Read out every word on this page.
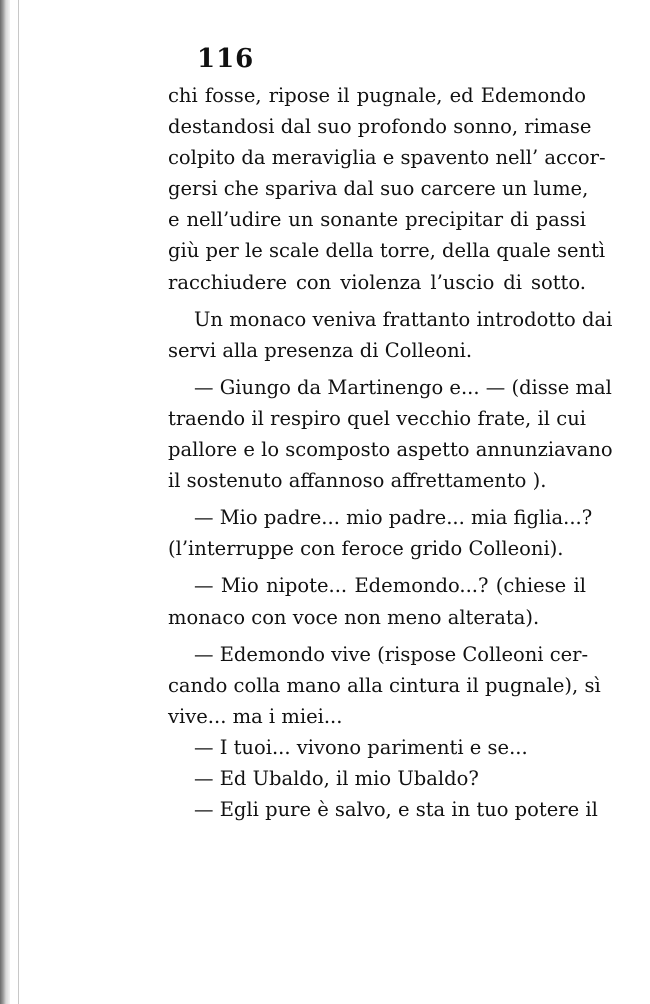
116

chi fosse, ripose il pugnale, ed Edemondo
destandosi dal suo profondo sonno, rimase
colpito da meraviglia e spavento nell’ accor-
gersi che spariva dal suo carcere un lume,
e nell’udire un sonante precipitar di passi
giù per le scale della torre, della quale sentì
racchiudere con violenza l’uscio di sotto.
Un monaco veniva frattanto introdotto dai
servi alla presenza di Colleoni.
— Giungo da Martinengo e... — (disse mal
traendo il respiro quel vecchio frate, il cui
pallore e lo scomposto aspetto annunziavano
il sostenuto affannoso affrettamento ).
— Mio padre... mio padre... mia figlia...?
(l’interruppe con feroce grido Colleoni).
— Mio nipote... Edemondo...? (chiese il
monaco con voce non meno alterata).
— Edemondo vive (rispose Colleoni cer-
cando colla mano alla cintura il pugnale), sì
vive... ma i miei...
— I tuoi... vivono parimenti e se...
— Ed Ubaldo, il mio Ubaldo?
— Egli pure è salvo, e sta in tuo potere il
